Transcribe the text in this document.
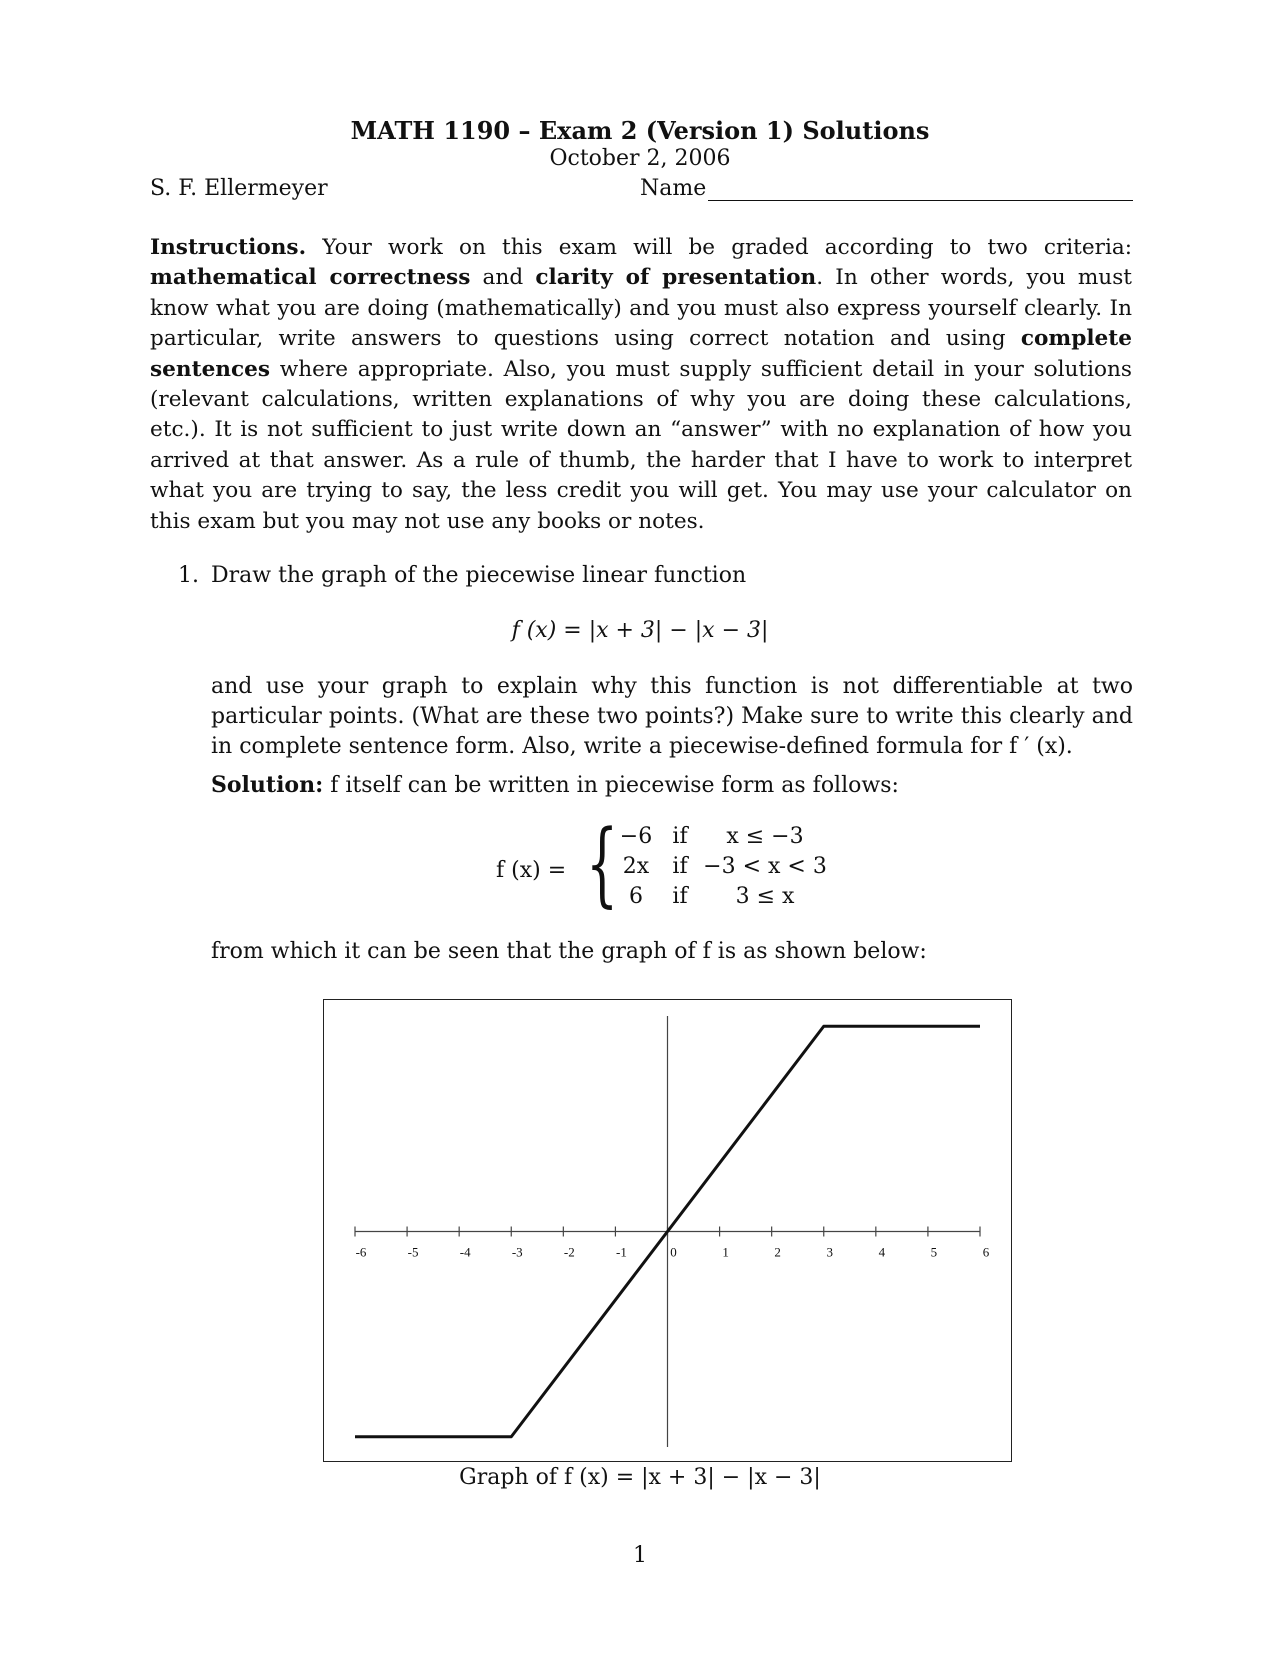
MATH 1190 – Exam 2 (Version 1) Solutions
October 2, 2006
S. F. Ellermeyer	Name
Instructions. Your work on this exam will be graded according to two criteria: mathematical correctness and clarity of presentation. In other words, you must know what you are doing (mathematically) and you must also express yourself clearly. In particular, write answers to questions using correct notation and using complete sentences where appropriate. Also, you must supply sufficient detail in your solutions (relevant calculations, written explanations of why you are doing these calculations, etc.). It is not sufficient to just write down an “answer” with no explanation of how you arrived at that answer. As a rule of thumb, the harder that I have to work to interpret what you are trying to say, the less credit you will get. You may use your calculator on this exam but you may not use any books or notes.
1. Draw the graph of the piecewise linear function
f (x) = |x + 3| − |x − 3|
and use your graph to explain why this function is not differentiable at two particular points. (What are these two points?) Make sure to write this clearly and in complete sentence form. Also, write a piecewise-defined formula for f ′ (x).
Solution: f itself can be written in piecewise form as follows:
f (x) = { −6 if x ≤ −3
2x if −3 < x < 3
6 if 3 ≤ x
from which it can be seen that the graph of f is as shown below:
-6	-5	-4	-3	-2	-1	0	1	2	3	4	5	6
Graph of f (x) = |x + 3| − |x − 3|
1
